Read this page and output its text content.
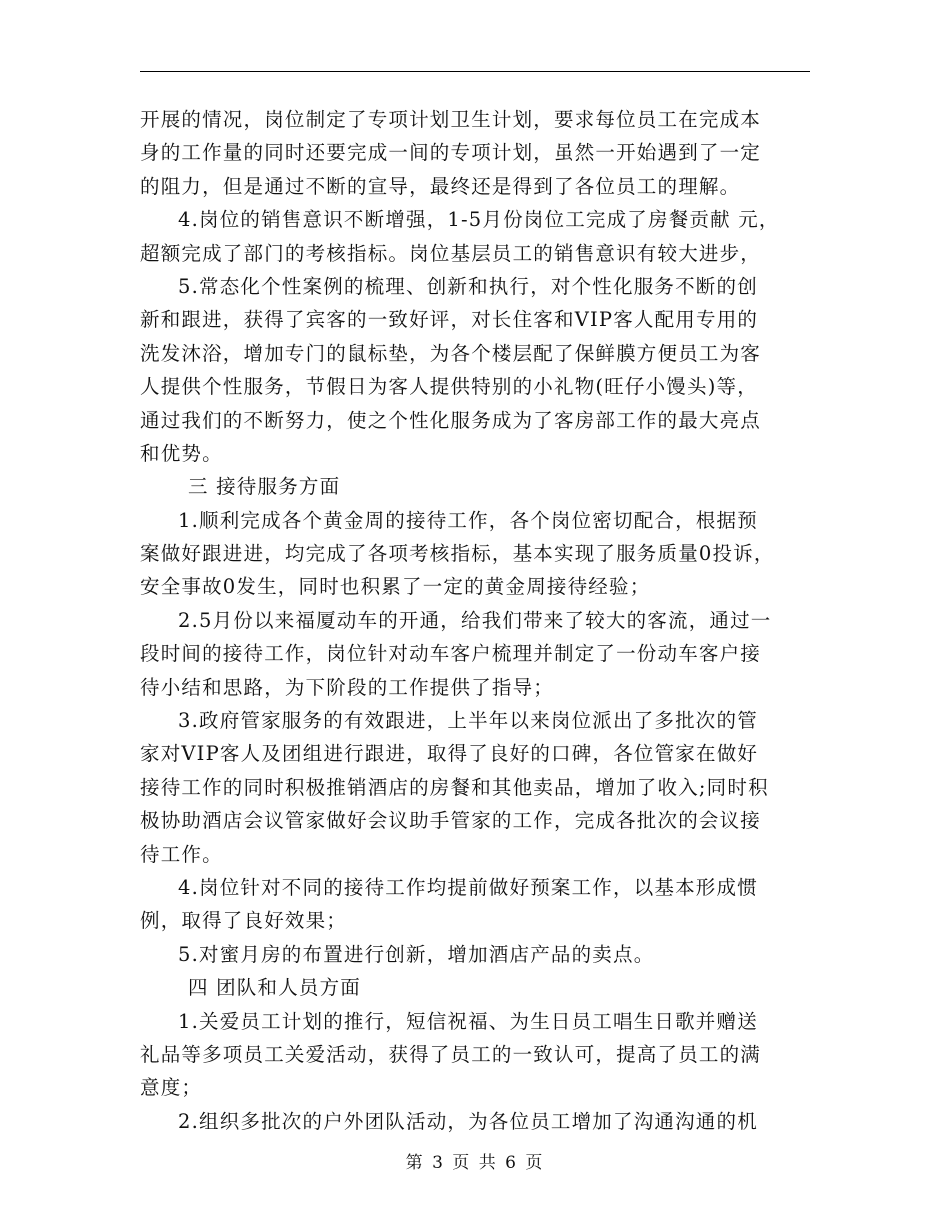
开展的情况，岗位制定了专项计划卫生计划，要求每位员工在完成本
身的工作量的同时还要完成一间的专项计划，虽然一开始遇到了一定
的阻力，但是通过不断的宣导，最终还是得到了各位员工的理解。
4.岗位的销售意识不断增强，1-5月份岗位工完成了房餐贡献 元，
超额完成了部门的考核指标。岗位基层员工的销售意识有较大进步，
5.常态化个性案例的梳理、创新和执行，对个性化服务不断的创
新和跟进，获得了宾客的一致好评，对长住客和VIP客人配用专用的
洗发沐浴，增加专门的鼠标垫，为各个楼层配了保鲜膜方便员工为客
人提供个性服务，节假日为客人提供特别的小礼物(旺仔小馒头)等，
通过我们的不断努力，使之个性化服务成为了客房部工作的最大亮点
和优势。
三 接待服务方面
1.顺利完成各个黄金周的接待工作，各个岗位密切配合，根据预
案做好跟进进，均完成了各项考核指标，基本实现了服务质量0投诉，
安全事故0发生，同时也积累了一定的黄金周接待经验；
2.5月份以来福厦动车的开通，给我们带来了较大的客流，通过一
段时间的接待工作，岗位针对动车客户梳理并制定了一份动车客户接
待小结和思路，为下阶段的工作提供了指导；
3.政府管家服务的有效跟进，上半年以来岗位派出了多批次的管
家对VIP客人及团组进行跟进，取得了良好的口碑，各位管家在做好
接待工作的同时积极推销酒店的房餐和其他卖品，增加了收入;同时积
极协助酒店会议管家做好会议助手管家的工作，完成各批次的会议接
待工作。
4.岗位针对不同的接待工作均提前做好预案工作，以基本形成惯
例，取得了良好效果；
5.对蜜月房的布置进行创新，增加酒店产品的卖点。
四 团队和人员方面
1.关爱员工计划的推行，短信祝福、为生日员工唱生日歌并赠送
礼品等多项员工关爱活动，获得了员工的一致认可，提高了员工的满
意度；
2.组织多批次的户外团队活动，为各位员工增加了沟通沟通的机
第 3 页 共 6 页
